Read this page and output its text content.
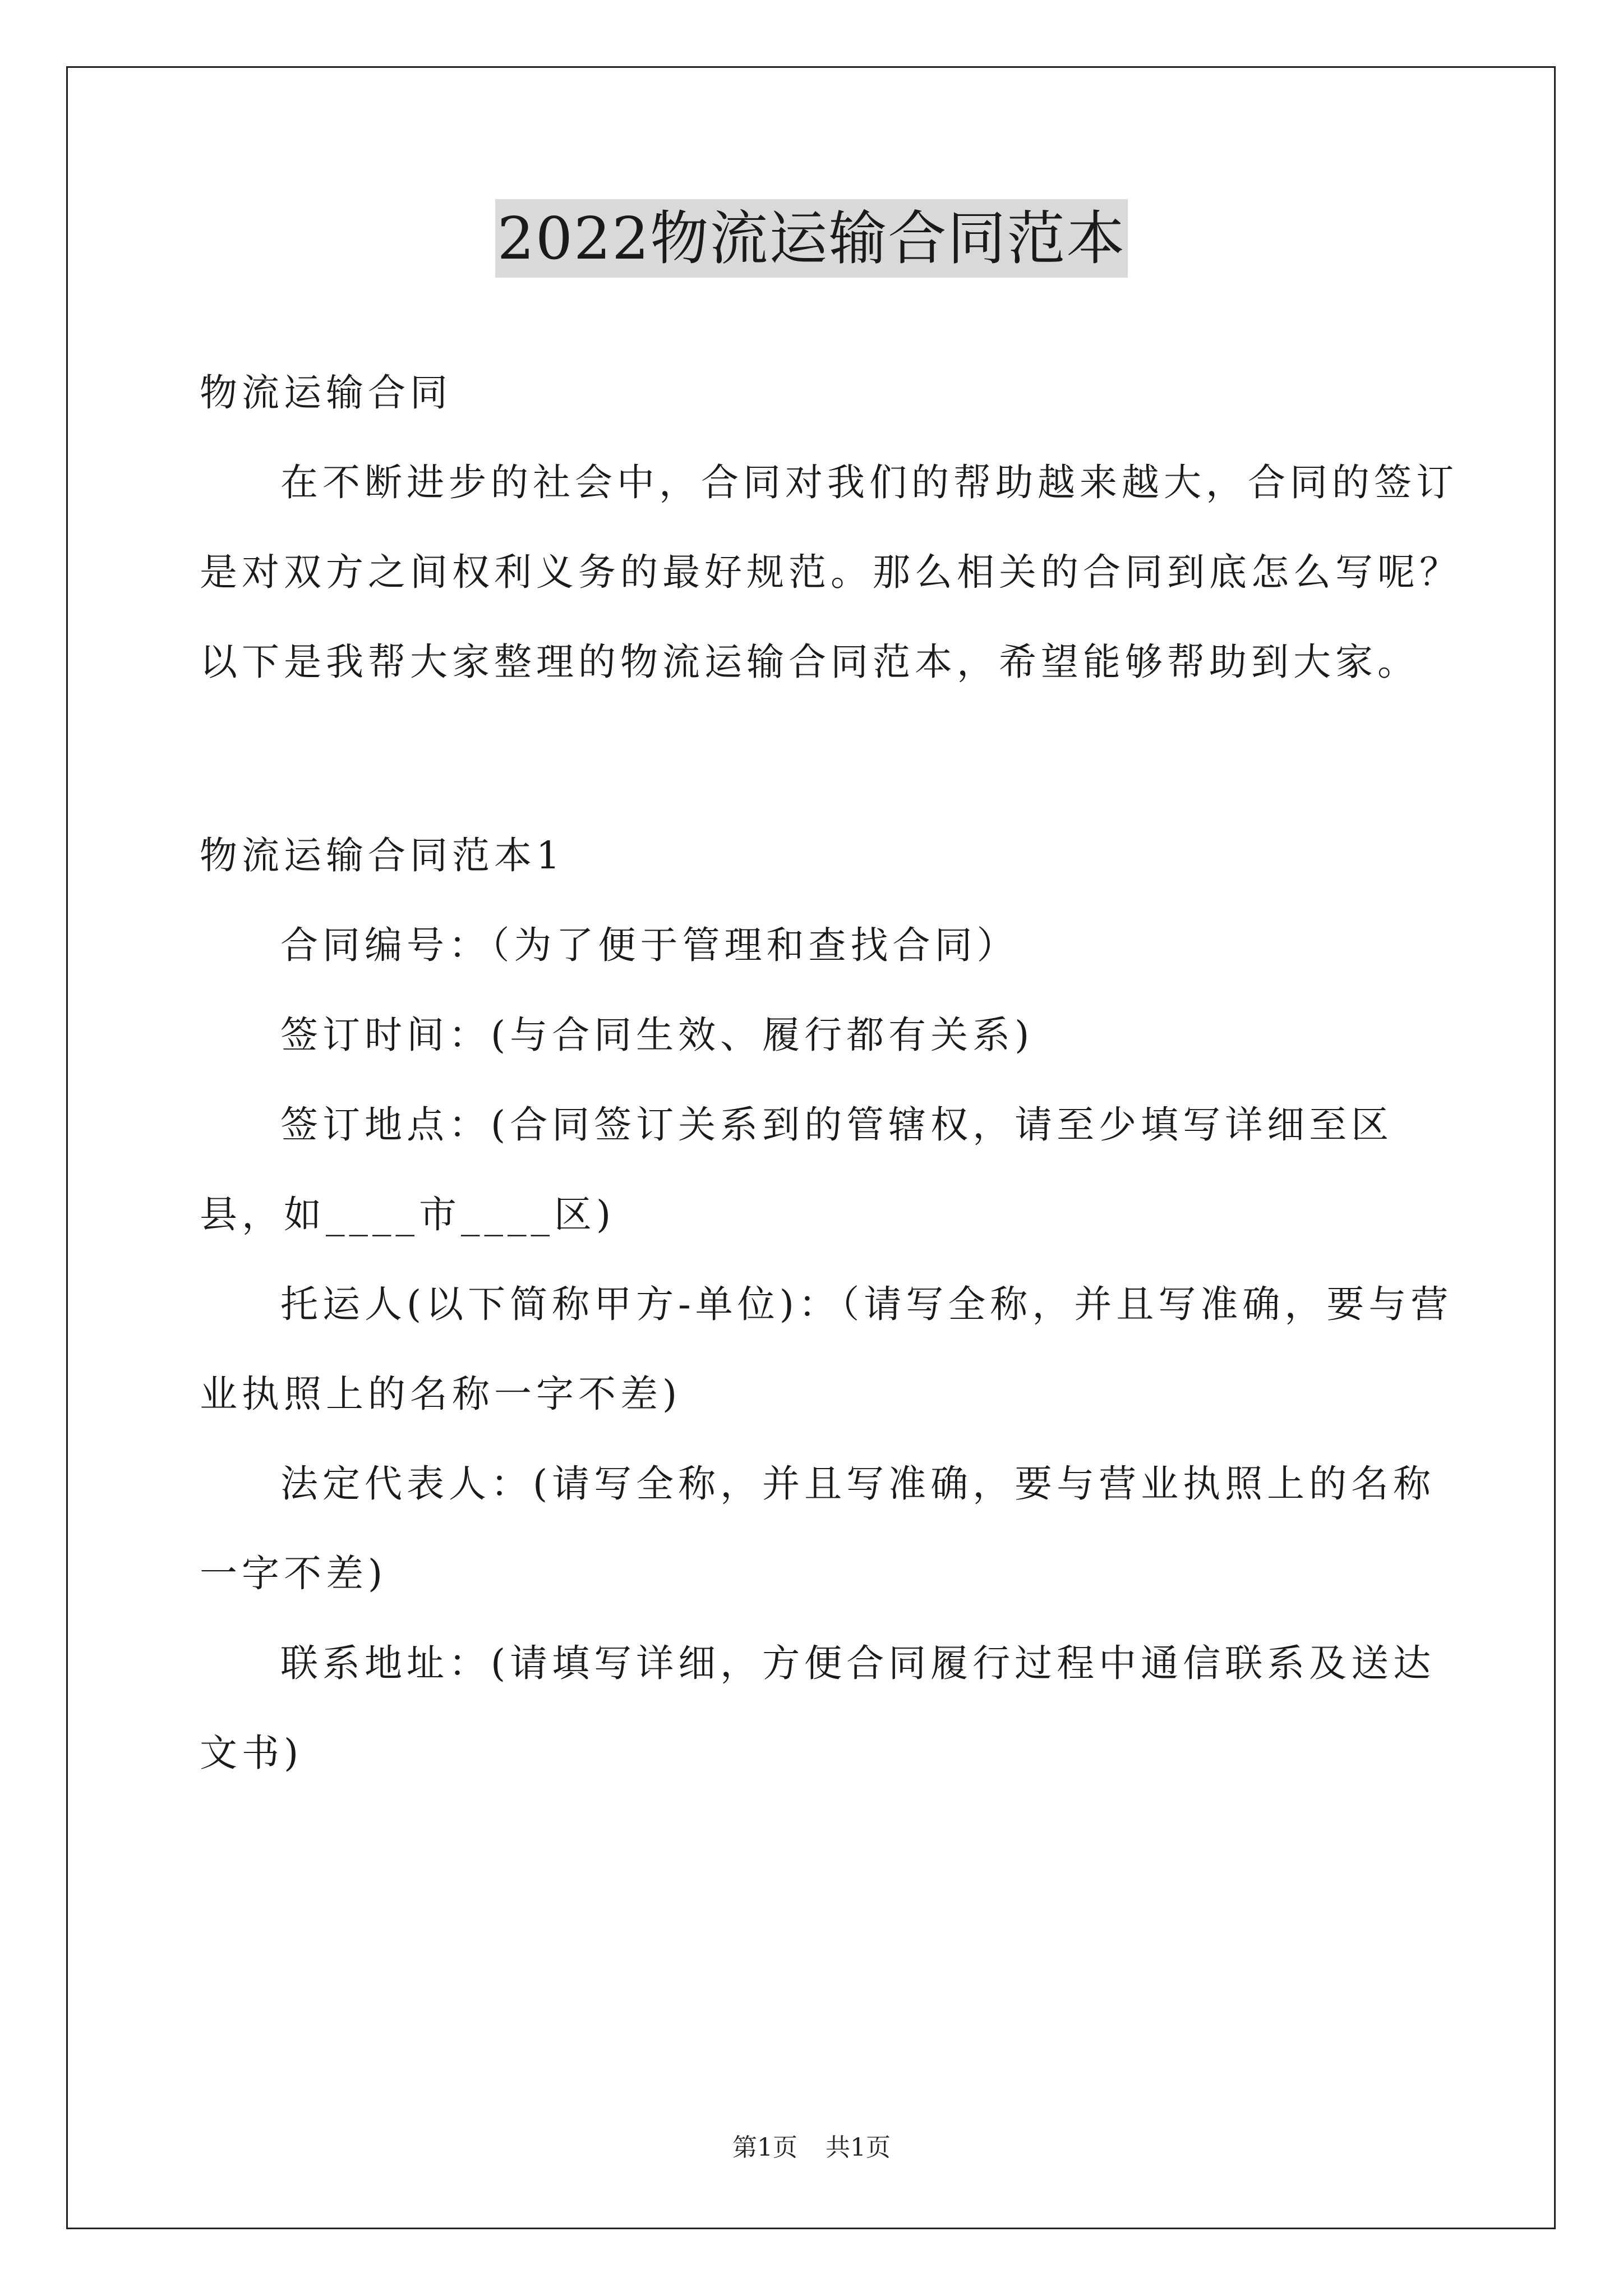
2022物流运输合同范本

物流运输合同

在不断进步的社会中，合同对我们的帮助越来越大，合同的签订是对双方之间权利义务的最好规范。那么相关的合同到底怎么写呢？以下是我帮大家整理的物流运输合同范本，希望能够帮助到大家。

物流运输合同范本1

合同编号：（为了便于管理和查找合同）

签订时间：(与合同生效、履行都有关系)

签订地点：(合同签订关系到的管辖权，请至少填写详细至区县，如____市____区)

托运人(以下简称甲方-单位)：（请写全称，并且写准确，要与营业执照上的名称一字不差)

法定代表人：(请写全称，并且写准确，要与营业执照上的名称一字不差)

联系地址：(请填写详细，方便合同履行过程中通信联系及送达文书)

第1页 共1页
